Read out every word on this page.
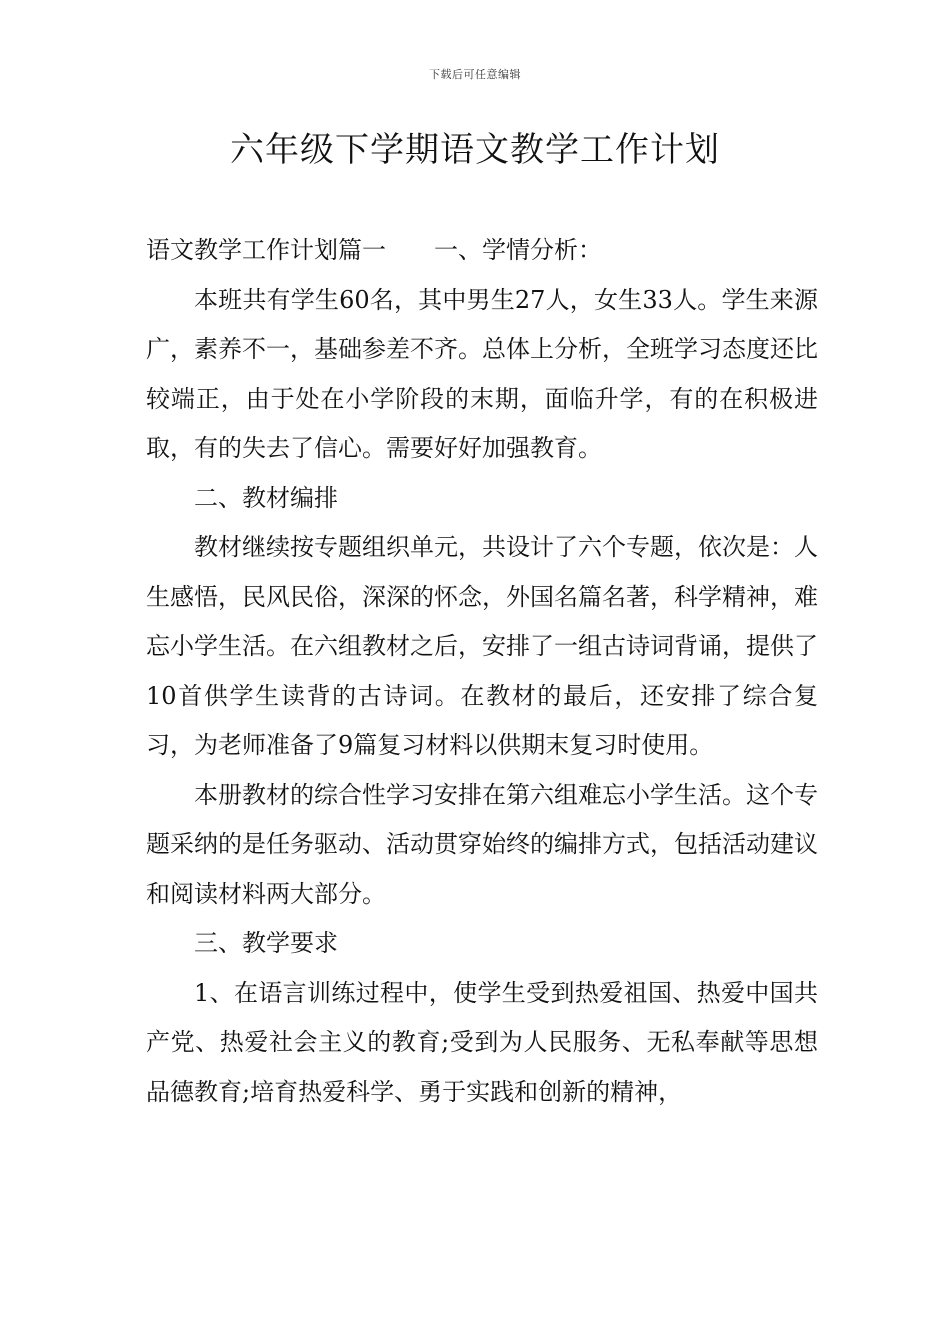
下载后可任意编辑
六年级下学期语文教学工作计划

语文教学工作计划篇一　　一、学情分析：

本班共有学生60名，其中男生27人，女生33人。学生来源广，素养不一，基础参差不齐。总体上分析，全班学习态度还比较端正，由于处在小学阶段的末期，面临升学，有的在积极进取，有的失去了信心。需要好好加强教育。

二、教材编排

教材继续按专题组织单元，共设计了六个专题，依次是：人生感悟，民风民俗，深深的怀念，外国名篇名著，科学精神，难忘小学生活。在六组教材之后，安排了一组古诗词背诵，提供了10首供学生读背的古诗词。在教材的最后，还安排了综合复习，为老师准备了9篇复习材料以供期末复习时使用。

本册教材的综合性学习安排在第六组难忘小学生活。这个专题采纳的是任务驱动、活动贯穿始终的编排方式，包括活动建议和阅读材料两大部分。

三、教学要求

1、在语言训练过程中，使学生受到热爱祖国、热爱中国共产党、热爱社会主义的教育;受到为人民服务、无私奉献等思想品德教育;培育热爱科学、勇于实践和创新的精神，
